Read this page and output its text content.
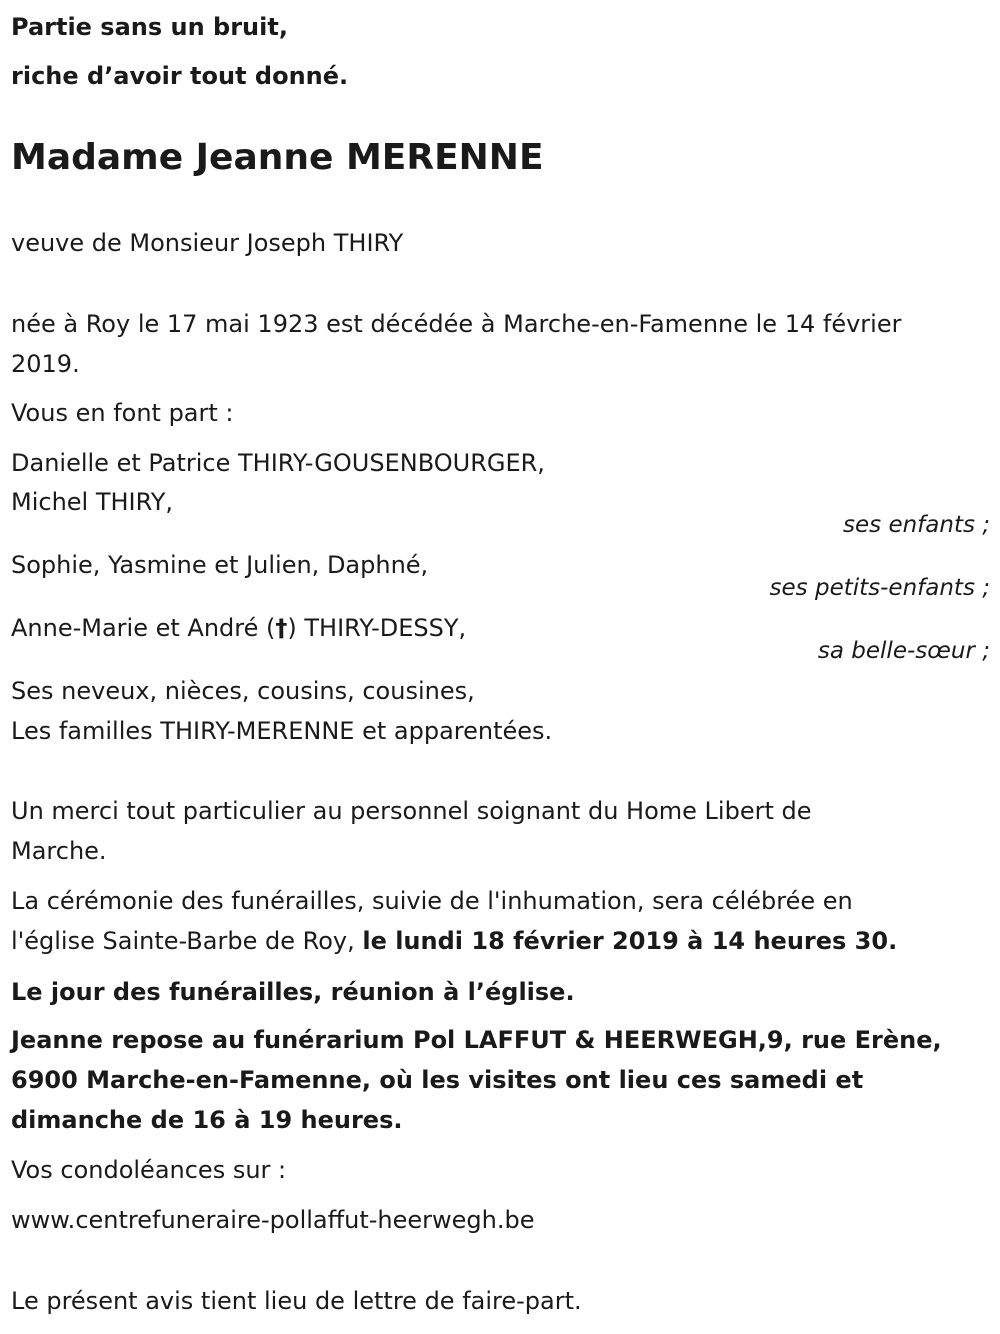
Partie sans un bruit,
riche d’avoir tout donné.
Madame Jeanne MERENNE
veuve de Monsieur Joseph THIRY
née à Roy le 17 mai 1923 est décédée à Marche-en-Famenne le 14 février
2019.
Vous en font part :
Danielle et Patrice THIRY-GOUSENBOURGER,
Michel THIRY,
ses enfants ;
Sophie, Yasmine et Julien, Daphné,
ses petits-enfants ;
Anne-Marie et André (†) THIRY-DESSY,
sa belle-sœur ;
Ses neveux, nièces, cousins, cousines,
Les familles THIRY-MERENNE et apparentées.
Un merci tout particulier au personnel soignant du Home Libert de
Marche.
La cérémonie des funérailles, suivie de l'inhumation, sera célébrée en
l'église Sainte-Barbe de Roy, le lundi 18 février 2019 à 14 heures 30.
Le jour des funérailles, réunion à l’église.
Jeanne repose au funérarium Pol LAFFUT & HEERWEGH,9, rue Erène,
6900 Marche-en-Famenne, où les visites ont lieu ces samedi et
dimanche de 16 à 19 heures.
Vos condoléances sur :
www.centrefuneraire-pollaffut-heerwegh.be
Le présent avis tient lieu de lettre de faire-part.
